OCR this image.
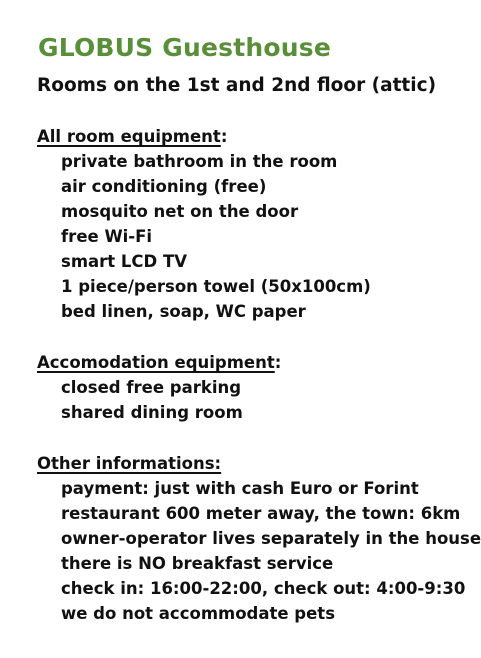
GLOBUS Guesthouse
Rooms on the 1st and 2nd floor (attic)
All room equipment:
private bathroom in the room
air conditioning (free)
mosquito net on the door
free Wi-Fi
smart LCD TV
1 piece/person towel (50x100cm)
bed linen, soap, WC paper
Accomodation equipment:
closed free parking
shared dining room
Other informations:
payment: just with cash Euro or Forint
restaurant 600 meter away, the town: 6km
owner-operator lives separately in the house
there is NO breakfast service
check in: 16:00-22:00, check out: 4:00-9:30
we do not accommodate pets
